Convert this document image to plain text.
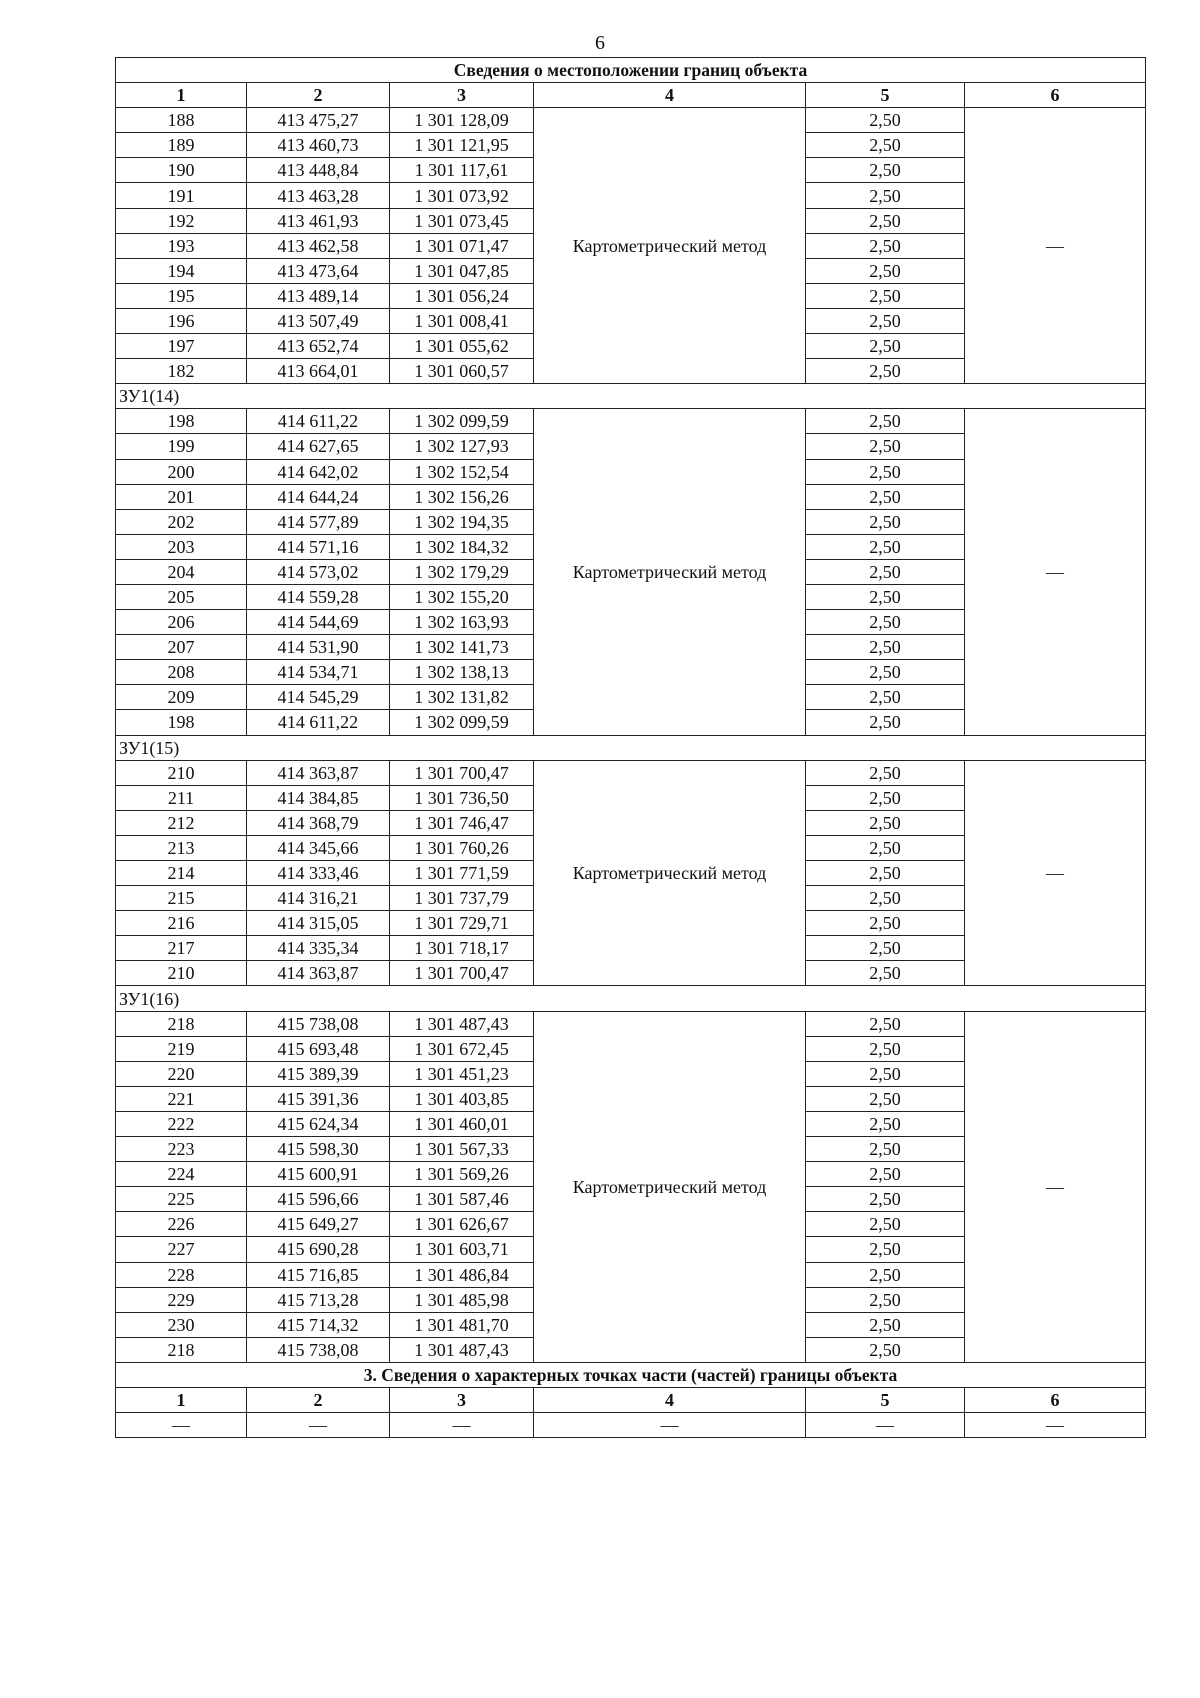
6
Сведения о местоположении границ объекта					
1	2	3	4	5	6
188	413 475,27	1 301 128,09	Картометрический метод	2,50	—
189	413 460,73	1 301 121,95		2,50	
190	413 448,84	1 301 117,61		2,50	
191	413 463,28	1 301 073,92		2,50	
192	413 461,93	1 301 073,45		2,50	
193	413 462,58	1 301 071,47		2,50	
194	413 473,64	1 301 047,85		2,50	
195	413 489,14	1 301 056,24		2,50	
196	413 507,49	1 301 008,41		2,50	
197	413 652,74	1 301 055,62		2,50	
182	413 664,01	1 301 060,57		2,50	
ЗУ1(14)					
198	414 611,22	1 302 099,59	Картометрический метод	2,50	—
199	414 627,65	1 302 127,93		2,50	
200	414 642,02	1 302 152,54		2,50	
201	414 644,24	1 302 156,26		2,50	
202	414 577,89	1 302 194,35		2,50	
203	414 571,16	1 302 184,32		2,50	
204	414 573,02	1 302 179,29		2,50	
205	414 559,28	1 302 155,20		2,50	
206	414 544,69	1 302 163,93		2,50	
207	414 531,90	1 302 141,73		2,50	
208	414 534,71	1 302 138,13		2,50	
209	414 545,29	1 302 131,82		2,50	
198	414 611,22	1 302 099,59		2,50	
ЗУ1(15)					
210	414 363,87	1 301 700,47	Картометрический метод	2,50	—
211	414 384,85	1 301 736,50		2,50	
212	414 368,79	1 301 746,47		2,50	
213	414 345,66	1 301 760,26		2,50	
214	414 333,46	1 301 771,59		2,50	
215	414 316,21	1 301 737,79		2,50	
216	414 315,05	1 301 729,71		2,50	
217	414 335,34	1 301 718,17		2,50	
210	414 363,87	1 301 700,47		2,50	
ЗУ1(16)					
218	415 738,08	1 301 487,43	Картометрический метод	2,50	—
219	415 693,48	1 301 672,45		2,50	
220	415 389,39	1 301 451,23		2,50	
221	415 391,36	1 301 403,85		2,50	
222	415 624,34	1 301 460,01		2,50	
223	415 598,30	1 301 567,33		2,50	
224	415 600,91	1 301 569,26		2,50	
225	415 596,66	1 301 587,46		2,50	
226	415 649,27	1 301 626,67		2,50	
227	415 690,28	1 301 603,71		2,50	
228	415 716,85	1 301 486,84		2,50	
229	415 713,28	1 301 485,98		2,50	
230	415 714,32	1 301 481,70		2,50	
218	415 738,08	1 301 487,43		2,50	
3. Сведения о характерных точках части (частей) границы объекта					
1	2	3	4	5	6
—	—	—	—	—	—
